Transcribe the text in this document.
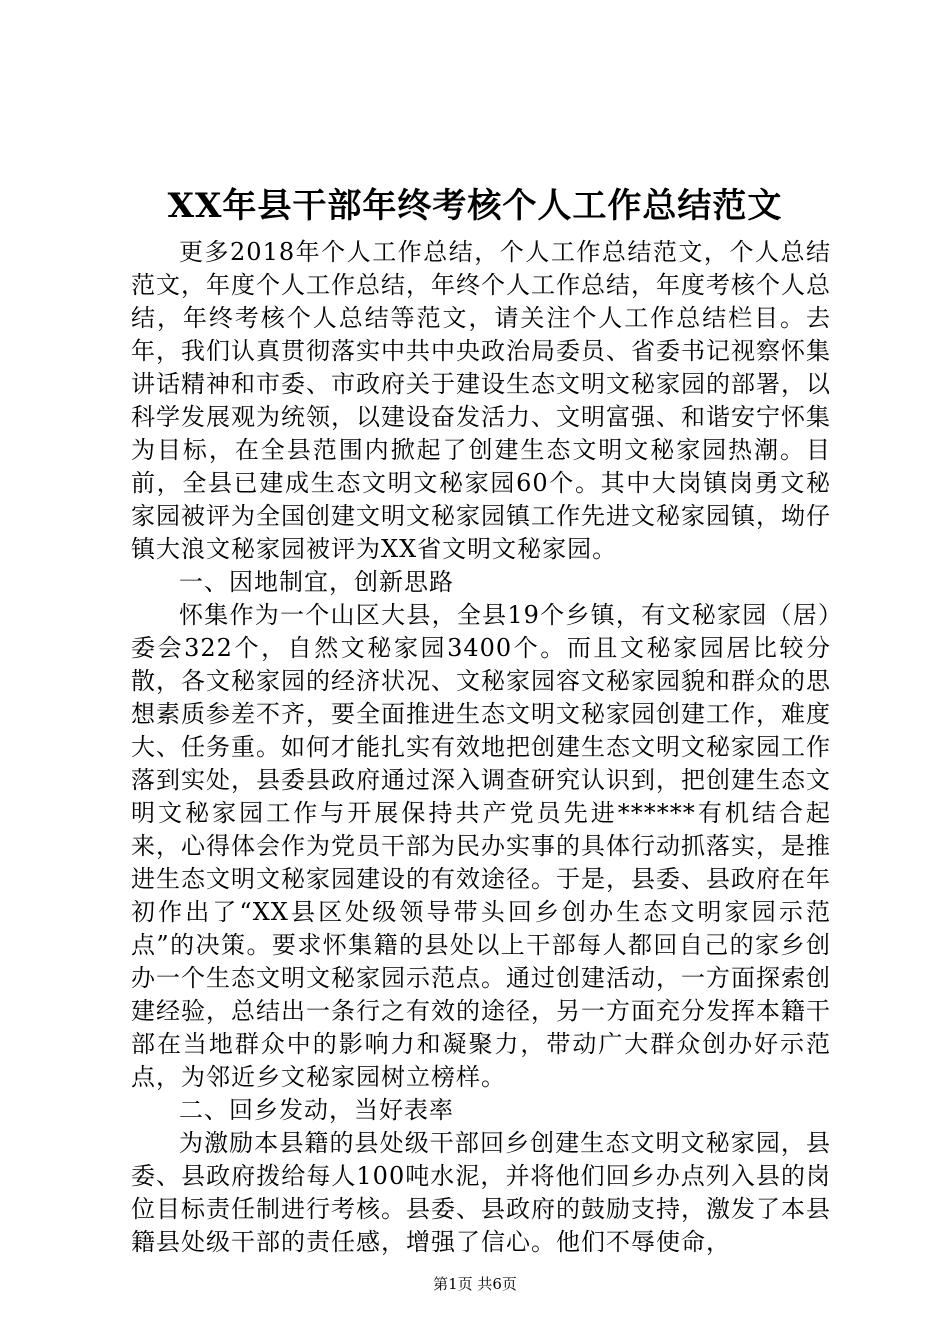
XX年县干部年终考核个人工作总结范文

更多2018年个人工作总结，个人工作总结范文，个人总结范文，年度个人工作总结，年终个人工作总结，年度考核个人总结，年终考核个人总结等范文，请关注个人工作总结栏目。去年，我们认真贯彻落实中共中央政治局委员、省委书记视察怀集讲话精神和市委、市政府关于建设生态文明文秘家园的部署，以科学发展观为统领，以建设奋发活力、文明富强、和谐安宁怀集为目标，在全县范围内掀起了创建生态文明文秘家园热潮。目前，全县已建成生态文明文秘家园60个。其中大岗镇岗勇文秘家园被评为全国创建文明文秘家园镇工作先进文秘家园镇，坳仔镇大浪文秘家园被评为XX省文明文秘家园。

一、因地制宜，创新思路

怀集作为一个山区大县，全县19个乡镇，有文秘家园（居）委会322个，自然文秘家园3400个。而且文秘家园居比较分散，各文秘家园的经济状况、文秘家园容文秘家园貌和群众的思想素质参差不齐，要全面推进生态文明文秘家园创建工作，难度大、任务重。如何才能扎实有效地把创建生态文明文秘家园工作落到实处，县委县政府通过深入调查研究认识到，把创建生态文明文秘家园工作与开展保持共产党员先进******有机结合起来，心得体会作为党员干部为民办实事的具体行动抓落实，是推进生态文明文秘家园建设的有效途径。于是，县委、县政府在年初作出了“XX县区处级领导带头回乡创办生态文明家园示范点”的决策。要求怀集籍的县处以上干部每人都回自己的家乡创办一个生态文明文秘家园示范点。通过创建活动，一方面探索创建经验，总结出一条行之有效的途径，另一方面充分发挥本籍干部在当地群众中的影响力和凝聚力，带动广大群众创办好示范点，为邻近乡文秘家园树立榜样。

二、回乡发动，当好表率

为激励本县籍的县处级干部回乡创建生态文明文秘家园，县委、县政府拨给每人100吨水泥，并将他们回乡办点列入县的岗位目标责任制进行考核。县委、县政府的鼓励支持，激发了本县籍县处级干部的责任感，增强了信心。他们不辱使命，

第1页 共6页
